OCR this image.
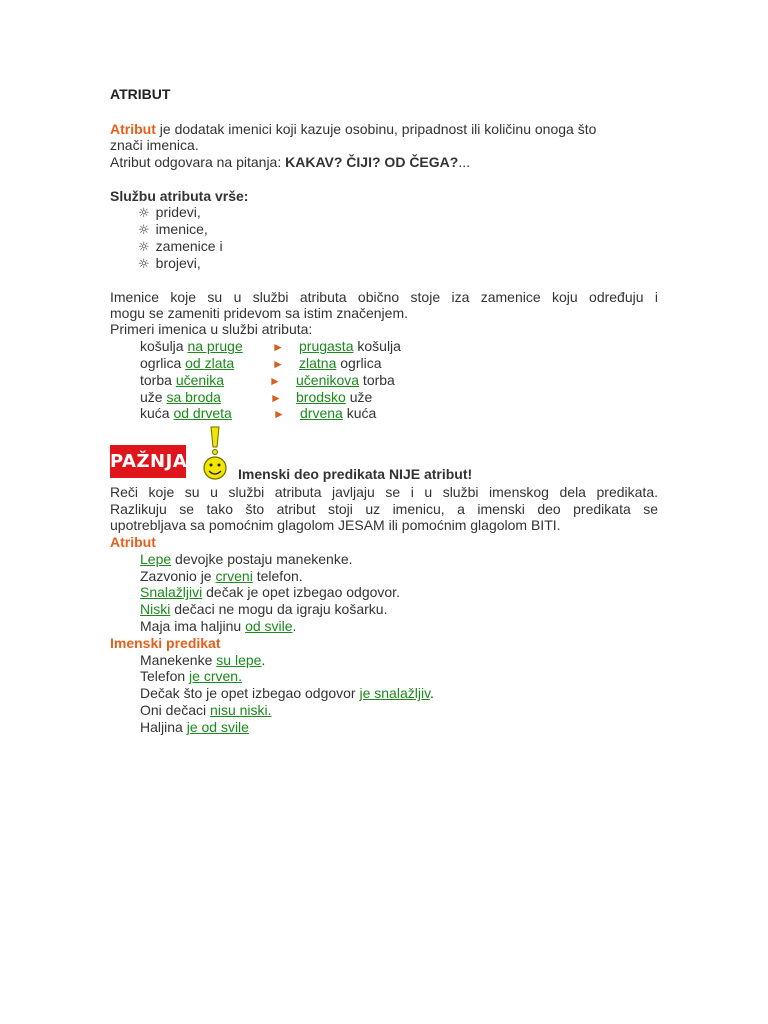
ATRIBUT
Atribut je dodatak imenici koji kazuje osobinu, pripadnost ili količinu onoga što
znači imenica.
Atribut odgovara na pitanja: KAKAV? ČIJI? OD ČEGA?...
Službu atributa vrše:
☼ pridevi,
☼ imenice,
☼ zamenice i
☼ brojevi,
Imenice koje su u službi atributa obično stoje iza zamenice koju određuju i
mogu se zameniti pridevom sa istim značenjem.
Primeri imenica u službi atributa:
košulja na pruge ► prugasta košulja
ogrlica od zlata	► zlatna ogrlica
torba učenika	► učenikova torba
uže sa broda	► brodsko uže
kuća od drveta	► drvena kuća
PAŽNJA!
Imenski deo predikata NIJE atribut!
Reči koje su u službi atributa javljaju se i u službi imenskog dela predikata.
Razlikuju se tako što atribut stoji uz imenicu, a imenski deo predikata se
upotrebljava sa pomoćnim glagolom JESAM ili pomoćnim glagolom BITI.
Atribut
Lepe devojke postaju manekenke.
Zazvonio je crveni telefon.
Snalažljivi dečak je opet izbegao odgovor.
Niski dečaci ne mogu da igraju košarku.
Maja ima haljinu od svile.
Imenski predikat
Manekenke su lepe.
Telefon je crven.
Dečak što je opet izbegao odgovor je snalažljiv.
Oni dečaci nisu niski.
Haljina je od svile
